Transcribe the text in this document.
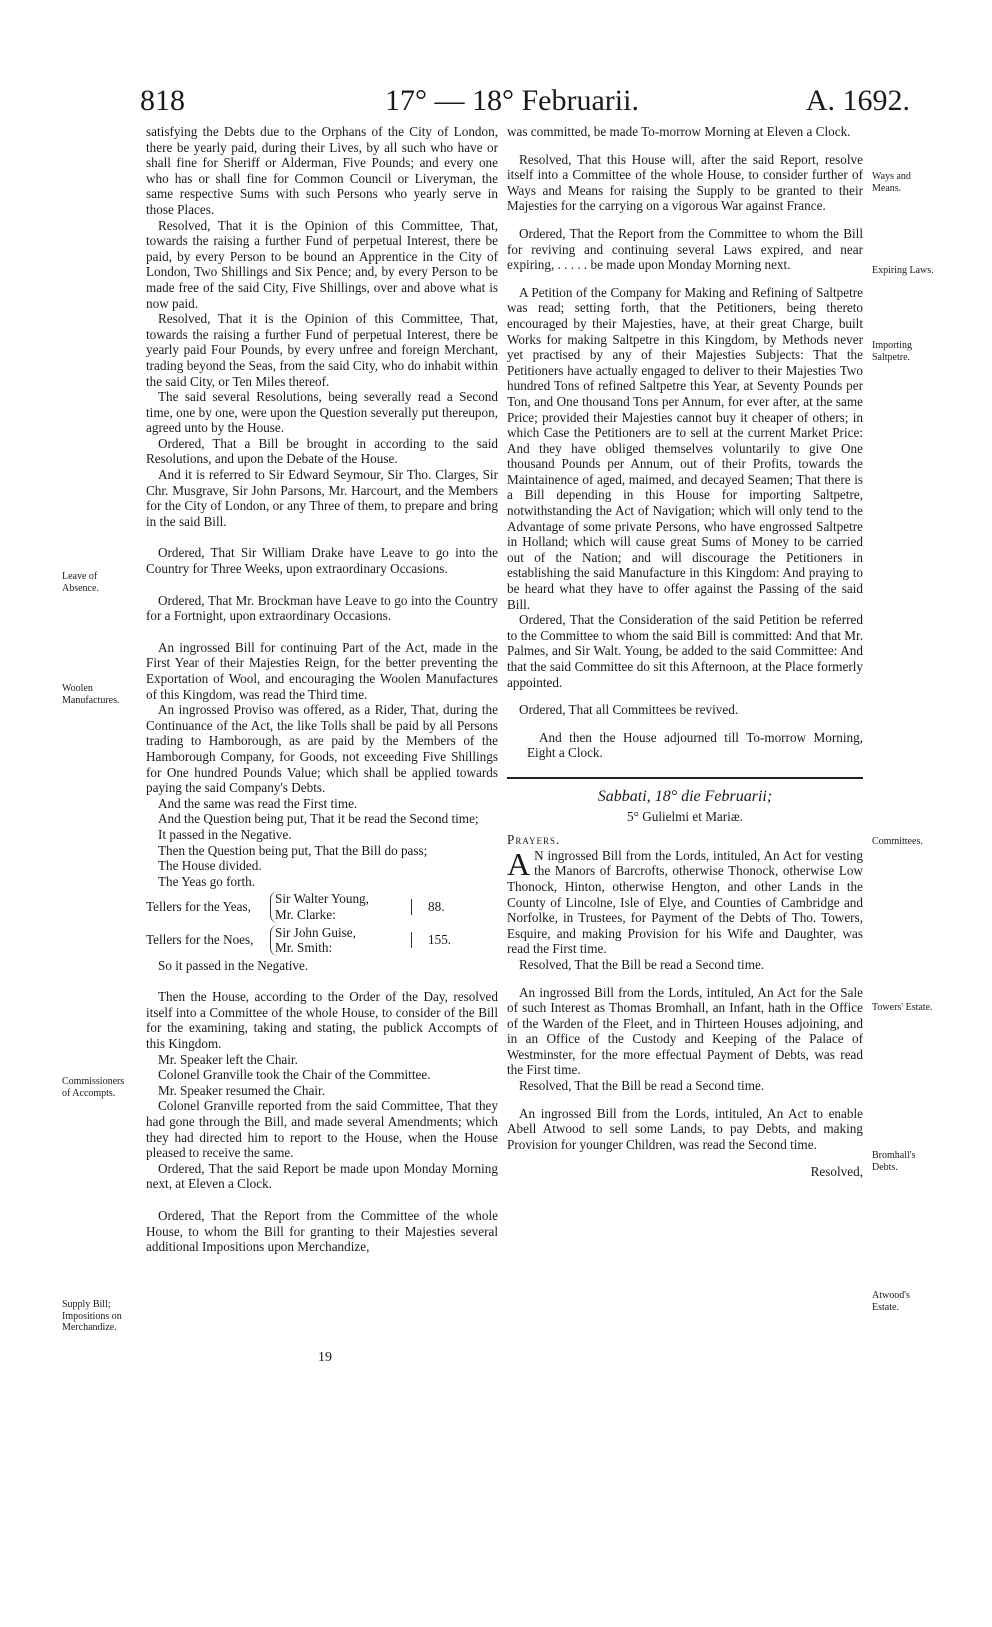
818	17° — 18° Februarii.	A. 1692.

satisfying the Debts due to the Orphans of the City of London, there be yearly paid, during their Lives, by all such who have or shall fine for Sheriff or Alderman, Five Pounds; and every one who has or shall fine for Common Council or Liveryman, the same respective Sums with such Persons who yearly serve in those Places.

Resolved, That it is the Opinion of this Committee, That, towards the raising a further Fund of perpetual Interest, there be paid, by every Person to be bound an Apprentice in the City of London, Two Shillings and Six Pence; and, by every Person to be made free of the said City, Five Shillings, over and above what is now paid.

Resolved, That it is the Opinion of this Committee, That, towards the raising a further Fund of perpetual Interest, there be yearly paid Four Pounds, by every unfree and foreign Merchant, trading beyond the Seas, from the said City, who do inhabit within the said City, or Ten Miles thereof.

The said several Resolutions, being severally read a Second time, one by one, were upon the Question severally put thereupon, agreed unto by the House.

Ordered, That a Bill be brought in according to the said Resolutions, and upon the Debate of the House.

And it is referred to Sir Edward Seymour, Sir Tho. Clarges, Sir Chr. Musgrave, Sir John Parsons, Mr. Harcourt, and the Members for the City of London, or any Three of them, to prepare and bring in the said Bill.

Ordered, That Sir William Drake have Leave to go into the Country for Three Weeks, upon extraordinary Occasions.

Ordered, That Mr. Brockman have Leave to go into the Country for a Fortnight, upon extraordinary Occasions.

An ingrossed Bill for continuing Part of the Act, made in the First Year of their Majesties Reign, for the better preventing the Exportation of Wool, and encouraging the Woolen Manufactures of this Kingdom, was read the Third time.

An ingrossed Proviso was offered, as a Rider, That, during the Continuance of the Act, the like Tolls shall be paid by all Persons trading to Hamborough, as are paid by the Members of the Hamborough Company, for Goods, not exceeding Five Shillings for One hundred Pounds Value; which shall be applied towards paying the said Company's Debts.

And the same was read the First time.

And the Question being put, That it be read the Second time;

It passed in the Negative.

Then the Question being put, That the Bill do pass;

The House divided.

The Yeas go forth.

Tellers for the Yeas,
Sir Walter Young,
Mr. Clarke:
88.
Tellers for the Noes,
Sir John Guise,
Mr. Smith:
155.

So it passed in the Negative.

Then the House, according to the Order of the Day, resolved itself into a Committee of the whole House, to consider of the Bill for the examining, taking and stating, the publick Accompts of this Kingdom.

Mr. Speaker left the Chair.

Colonel Granville took the Chair of the Committee.

Mr. Speaker resumed the Chair.

Colonel Granville reported from the said Committee, That they had gone through the Bill, and made several Amendments; which they had directed him to report to the House, when the House pleased to receive the same.

Ordered, That the said Report be made upon Monday Morning next, at Eleven a Clock.

Ordered, That the Report from the Committee of the whole House, to whom the Bill for granting to their Majesties several additional Impositions upon Merchandize,

was committed, be made To-morrow Morning at Eleven a Clock.

Resolved, That this House will, after the said Report, resolve itself into a Committee of the whole House, to consider further of Ways and Means for raising the Supply to be granted to their Majesties for the carrying on a vigorous War against France.

Ordered, That the Report from the Committee to whom the Bill for reviving and continuing several Laws expired, and near expiring, . . . . . be made upon Monday Morning next.

A Petition of the Company for Making and Refining of Saltpetre was read; setting forth, that the Petitioners, being thereto encouraged by their Majesties, have, at their great Charge, built Works for making Saltpetre in this Kingdom, by Methods never yet practised by any of their Majesties Subjects: That the Petitioners have actually engaged to deliver to their Majesties Two hundred Tons of refined Saltpetre this Year, at Seventy Pounds per Ton, and One thousand Tons per Annum, for ever after, at the same Price; provided their Majesties cannot buy it cheaper of others; in which Case the Petitioners are to sell at the current Market Price: And they have obliged themselves voluntarily to give One thousand Pounds per Annum, out of their Profits, towards the Maintainence of aged, maimed, and decayed Seamen; That there is a Bill depending in this House for importing Saltpetre, notwithstanding the Act of Navigation; which will only tend to the Advantage of some private Persons, who have engrossed Saltpetre in Holland; which will cause great Sums of Money to be carried out of the Nation; and will discourage the Petitioners in establishing the said Manufacture in this Kingdom: And praying to be heard what they have to offer against the Passing of the said Bill.

Ordered, That the Consideration of the said Petition be referred to the Committee to whom the said Bill is committed: And that Mr. Palmes, and Sir Walt. Young, be added to the said Committee: And that the said Committee do sit this Afternoon, at the Place formerly appointed.

Ordered, That all Committees be revived.

And then the House adjourned till To-morrow Morning, Eight a Clock.

Sabbati, 18° die Februarii;
5° Gulielmi et Mariæ.

Prayers.

A N ingrossed Bill from the Lords, intituled, An Act for vesting the Manors of Barcrofts, otherwise Thonock, otherwise Low Thonock, Hinton, otherwise Hengton, and other Lands in the County of Lincolne, Isle of Elye, and Counties of Cambridge and Norfolke, in Trustees, for Payment of the Debts of Tho. Towers, Esquire, and making Provision for his Wife and Daughter, was read the First time.

Resolved, That the Bill be read a Second time.

An ingrossed Bill from the Lords, intituled, An Act for the Sale of such Interest as Thomas Bromhall, an Infant, hath in the Office of the Warden of the Fleet, and in Thirteen Houses adjoining, and in an Office of the Custody and Keeping of the Palace of Westminster, for the more effectual Payment of Debts, was read the First time.

Resolved, That the Bill be read a Second time.

An ingrossed Bill from the Lords, intituled, An Act to enable Abell Atwood to sell some Lands, to pay Debts, and making Provision for younger Children, was read the Second time.

Resolved,

Leave of Absence.
Woolen Manufactures.
Commissioners of Accompts.
Supply Bill; Impositions on Merchandize.
Ways and Means.
Expiring Laws.
Importing Saltpetre.
Committees.
Towers' Estate.
Bromhall's Debts.
Atwood's Estate.
19
